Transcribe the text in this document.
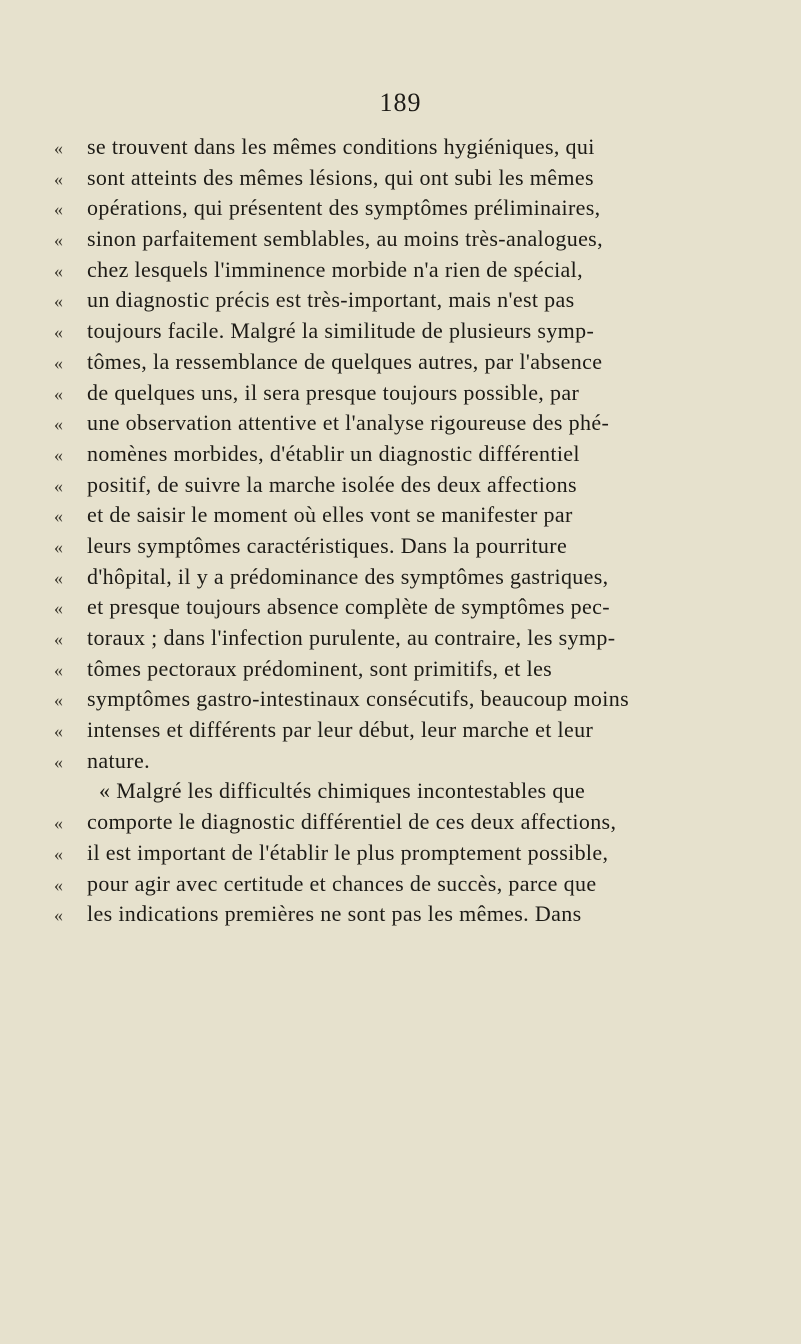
189
« se trouvent dans les mêmes conditions hygiéniques, qui
« sont atteints des mêmes lésions, qui ont subi les mêmes
« opérations, qui présentent des symptômes préliminaires,
« sinon parfaitement semblables, au moins très-analogues,
« chez lesquels l'imminence morbide n'a rien de spécial,
« un diagnostic précis est très-important, mais n'est pas
« toujours facile. Malgré la similitude de plusieurs symp-
« tômes, la ressemblance de quelques autres, par l'absence
« de quelques uns, il sera presque toujours possible, par
« une observation attentive et l'analyse rigoureuse des phé-
« nomènes morbides, d'établir un diagnostic différentiel
« positif, de suivre la marche isolée des deux affections
« et de saisir le moment où elles vont se manifester par
« leurs symptômes caractéristiques. Dans la pourriture
« d'hôpital, il y a prédominance des symptômes gastriques,
« et presque toujours absence complète de symptômes pec-
« toraux ; dans l'infection purulente, au contraire, les symp-
« tômes pectoraux prédominent, sont primitifs, et les
« symptômes gastro-intestinaux consécutifs, beaucoup moins
« intenses et différents par leur début, leur marche et leur
« nature.
« Malgré les difficultés chimiques incontestables que
« comporte le diagnostic différentiel de ces deux affections,
« il est important de l'établir le plus promptement possible,
« pour agir avec certitude et chances de succès, parce que
« les indications premières ne sont pas les mêmes. Dans
